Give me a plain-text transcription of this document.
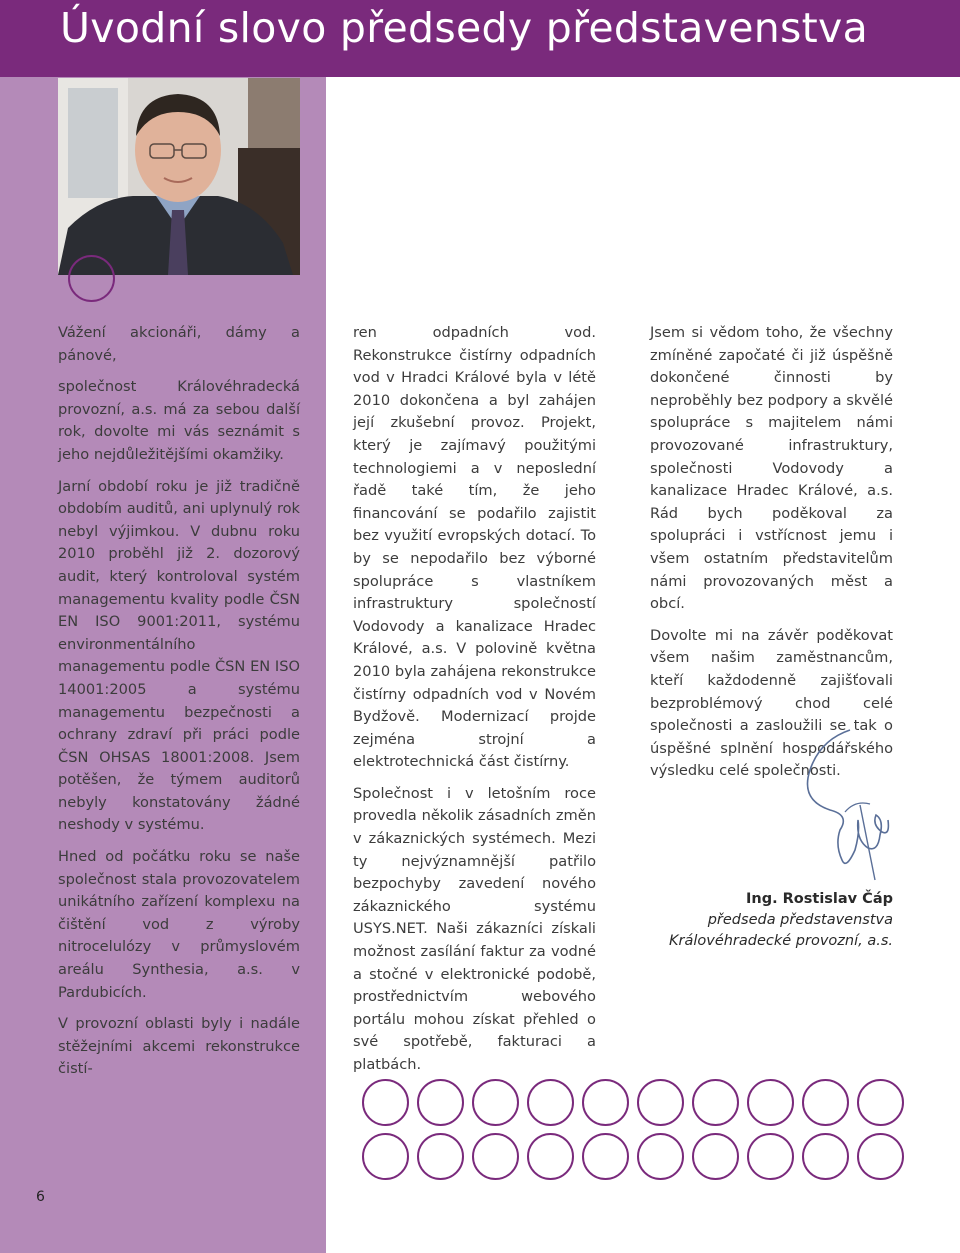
Úvodní slovo předsedy představenstva

Vážení akcionáři, dámy a pánové,

společnost Královéhradecká provozní, a.s. má za sebou další rok, dovolte mi vás seznámit s jeho nejdůležitějšími okamžiky.

Jarní období roku je již tradičně obdobím auditů, ani uplynulý rok nebyl výjimkou. V dubnu roku 2010 proběhl již 2. dozorový audit, který kontroloval systém managementu kvality podle ČSN EN ISO 9001:2011, systému environmentálního managementu podle ČSN EN ISO 14001:2005 a systému managementu bezpečnosti a ochrany zdraví při práci podle ČSN OHSAS 18001:2008. Jsem potěšen, že týmem auditorů nebyly konstatovány žádné neshody v systému.

Hned od počátku roku se naše společnost stala provozovatelem unikátního zařízení komplexu na čištění vod z výroby nitrocelulózy v průmyslovém areálu Synthesia, a.s. v Pardubicích.

V provozní oblasti byly i nadále stěžejními akcemi rekonstrukce čistí-

ren odpadních vod. Rekonstrukce čistírny odpadních vod v Hradci Králové byla v létě 2010 dokončena a byl zahájen její zkušební provoz. Projekt, který je zajímavý použitými technologiemi a v neposlední řadě také tím, že jeho financování se podařilo zajistit bez využití evropských dotací. To by se nepodařilo bez výborné spolupráce s vlastníkem infrastruktury společností Vodovody a kanalizace Hradec Králové, a.s. V polovině května 2010 byla zahájena rekonstrukce čistírny odpadních vod v Novém Bydžově. Modernizací projde zejména strojní a elektrotechnická část čistírny.

Společnost i v letošním roce provedla několik zásadních změn v zákaznických systémech. Mezi ty nejvýznamnější patřilo bezpochyby zavedení nového zákaznického systému USYS.NET. Naši zákazníci získali možnost zasílání faktur za vodné a stočné v elektronické podobě, prostřednictvím webového portálu mohou získat přehled o své spotřebě, fakturaci a platbách.

Jsem si vědom toho, že všechny zmíněné započaté či již úspěšně dokončené činnosti by neproběhly bez podpory a skvělé spolupráce s majitelem námi provozované infrastruktury, společnosti Vodovody a kanalizace Hradec Králové, a.s. Rád bych poděkoval za spolupráci i vstřícnost jemu i všem ostatním představitelům námi provozovaných měst a obcí.

Dovolte mi na závěr poděkovat všem našim zaměstnancům, kteří každodenně zajišťovali bezproblémový chod celé společnosti a zasloužili se tak o úspěšné splnění hospodářského výsledku celé společnosti.

Ing. Rostislav Čáp
předseda představenstva
Královéhradecké provozní, a.s.
6
